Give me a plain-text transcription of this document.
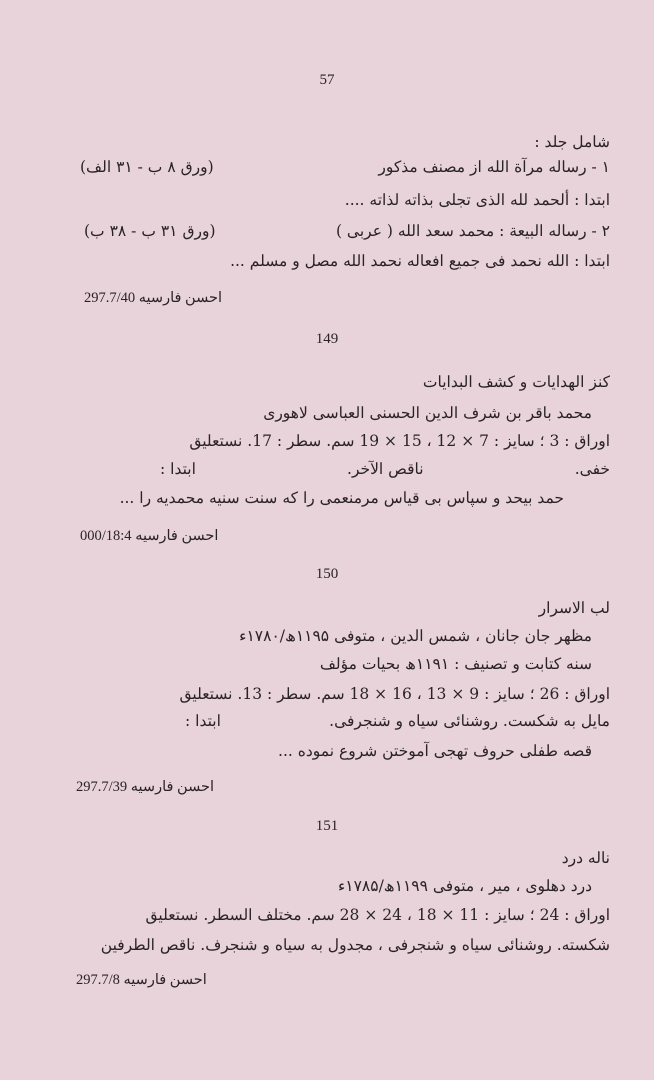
57
شامل جلد :
۱ - رساله مرآة الله از مصنف مذکور
(ورق ۸ ب - ۳۱ الف)
ابتدا : ألحمد لله الذی تجلی بذاته لذاته ....
۲ - رساله البیعة : محمد سعد الله ( عربی )
(ورق ۳۱ ب - ۳۸ ب)
ابتدا : الله نحمد فی جمیع افعاله نحمد الله مصل و مسلم ...
احسن فارسیه 297.7/40
149
کنز الهدایات و کشف البدایات
محمد باقر بن شرف الدین الحسنی العباسی لاهوری
اوراق : 3 ؛ سایز : 7 × 12 ، 15 × 19 سم. سطر : 17. نستعلیق
خفی.
ناقص الآخر.
ابتدا :
حمد بیحد و سپاس بی قیاس مرمنعمی را که سنت سنیه محمدیه را ...
احسن فارسیه 000/18:4
150
لب الاسرار
مظهر جان جانان ، شمس الدین ، متوفی ۱۱۹۵ھ/۱۷۸۰ء
سنه کتابت و تصنیف : ۱۱۹۱ھ بحیات مؤلف
اوراق : 26 ؛ سایز : 9 × 13 ، 16 × 18 سم. سطر : 13. نستعلیق
مایل به شکست. روشنائی سیاه و شنجرفی.
ابتدا :
قصه طفلی حروف تهجی آموختن شروع نموده ...
احسن فارسیه 297.7/39
151
ناله درد
درد دهلوی ، میر ، متوفی ۱۱۹۹ھ/۱۷۸۵ء
اوراق : 24 ؛ سایز : 11 × 18 ، 24 × 28 سم. مختلف السطر. نستعلیق
شکسته. روشنائی سیاه و شنجرفی ، مجدول به سیاه و شنجرف. ناقص الطرفین
احسن فارسیه 297.7/8
